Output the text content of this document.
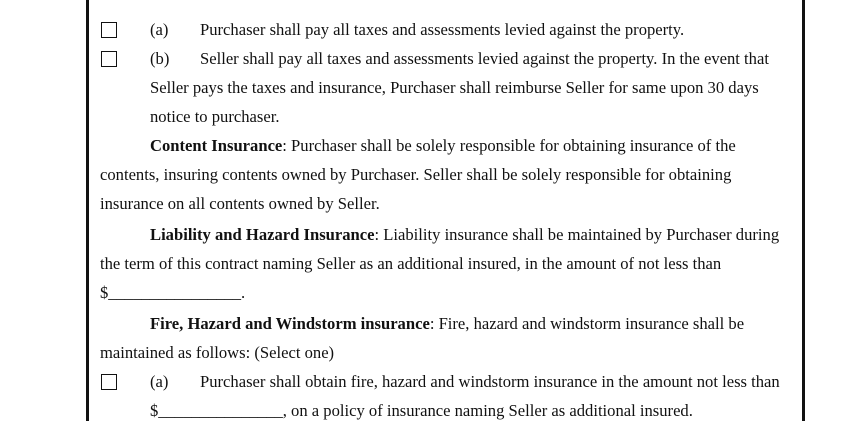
(a) Purchaser shall pay all taxes and assessments levied against the property.
(b) Seller shall pay all taxes and assessments levied against the property. In the event that
Seller pays the taxes and insurance, Purchaser shall reimburse Seller for same upon 30 days
notice to purchaser.
Content Insurance: Purchaser shall be solely responsible for obtaining insurance of the
contents, insuring contents owned by Purchaser. Seller shall be solely responsible for obtaining
insurance on all contents owned by Seller.
Liability and Hazard Insurance: Liability insurance shall be maintained by Purchaser during
the term of this contract naming Seller as an additional insured, in the amount of not less than
$________________.
Fire, Hazard and Windstorm insurance: Fire, hazard and windstorm insurance shall be
maintained as follows: (Select one)
(a) Purchaser shall obtain fire, hazard and windstorm insurance in the amount not less than
$_______________, on a policy of insurance naming Seller as additional insured.
